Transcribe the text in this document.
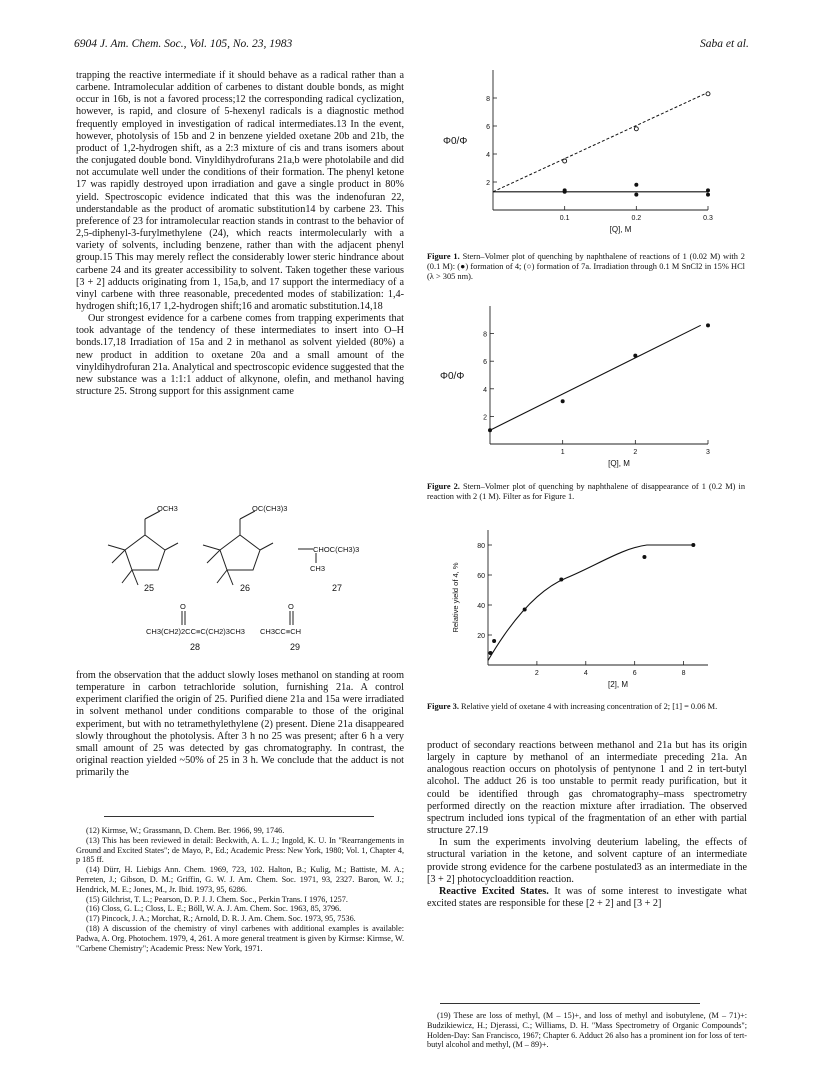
6904 J. Am. Chem. Soc., Vol. 105, No. 23, 1983	Saba et al.

trapping the reactive intermediate if it should behave as a radical rather than a carbene. Intramolecular addition of carbenes to distant double bonds, as might occur in 16b, is not a favored process;12 the corresponding radical cyclization, however, is rapid, and closure of 5-hexenyl radicals is a diagnostic method frequently employed in investigation of radical intermediates.13 In the event, however, photolysis of 15b and 2 in benzene yielded oxetane 20b and 21b, the product of 1,2-hydrogen shift, as a 2:3 mixture of cis and trans isomers about the conjugated double bond. Vinyldihydrofurans 21a,b were photolabile and did not accumulate well under the conditions of their formation. The phenyl ketone 17 was rapidly destroyed upon irradiation and gave a single product in 80% yield. Spectroscopic evidence indicated that this was the indenofuran 22, understandable as the product of aromatic substitution14 by carbene 23. This preference of 23 for intramolecular reaction stands in contrast to the behavior of 2,5-diphenyl-3-furylmethylene (24), which reacts intermolecularly with a variety of solvents, including benzene, rather than with the adjacent phenyl group.15 This may merely reflect the considerably lower steric hindrance about carbene 24 and its greater accessibility to solvent. Taken together these various [3 + 2] adducts originating from 1, 15a,b, and 17 support the intermediacy of a vinyl carbene with three reasonable, precedented modes of stabilization: 1,4-hydrogen shift;16,17 1,2-hydrogen shift;16 and aromatic substitution.14,18

Our strongest evidence for a carbene comes from trapping experiments that took advantage of the tendency of these intermediates to insert into O–H bonds.17,18 Irradiation of 15a and 2 in methanol as solvent yielded (80%) a new product in addition to oxetane 20a and a small amount of the vinyldihydrofuran 21a. Analytical and spectroscopic evidence suggested that the new substance was a 1:1:1 adduct of alkynone, olefin, and methanol having structure 25. Strong support for this assignment came

OCH3	OC(CH3)3
CHOC(CH3)3
CH3
O	O
CH3(CH2)2CC≡C(CH2)3CH3 CH3CC≡CH
25	26	27
28	29

from the observation that the adduct slowly loses methanol on standing at room temperature in carbon tetrachloride solution, furnishing 21a. A control experiment clarified the origin of 25. Purified diene 21a and 15a were irradiated in solvent methanol under conditions comparable to those of the original experiment, but with no tetramethylethylene (2) present. Diene 21a disappeared slowly throughout the photolysis. After 3 h no 25 was present; after 6 h a very small amount of 25 was detected by gas chromatography. In contrast, the original reaction yielded ~50% of 25 in 3 h. We conclude that the adduct is not primarily the

(12) Kirmse, W.; Grassmann, D. Chem. Ber. 1966, 99, 1746.

(13) This has been reviewed in detail: Beckwith, A. L. J.; Ingold, K. U. In "Rearrangements in Ground and Excited States"; de Mayo, P., Ed.; Academic Press: New York, 1980; Vol. 1, Chapter 4, p 185 ff.

(14) Dürr, H. Liebigs Ann. Chem. 1969, 723, 102. Halton, B.; Kulig, M.; Battiste, M. A.; Perreten, J.; Gibson, D. M.; Griffin, G. W. J. Am. Chem. Soc. 1971, 93, 2327. Baron, W. J.; Hendrick, M. E.; Jones, M., Jr. Ibid. 1973, 95, 6286.

(15) Gilchrist, T. L.; Pearson, D. P. J. J. Chem. Soc., Perkin Trans. I 1976, 1257.

(16) Closs, G. L.; Closs, L. E.; Böll, W. A. J. Am. Chem. Soc. 1963, 85, 3796.

(17) Pincock, J. A.; Morchat, R.; Arnold, D. R. J. Am. Chem. Soc. 1973, 95, 7536.

(18) A discussion of the chemistry of vinyl carbenes with additional examples is available: Padwa, A. Org. Photochem. 1979, 4, 261. A more general treatment is given by Kirmse: Kirmse, W. "Carbene Chemistry"; Academic Press: New York, 1971.

2
4
6
8
0.1	0.2	0.3
[Q], M
Φ0/Φ
Figure 1. Stern–Volmer plot of quenching by naphthalene of reactions of 1 (0.02 M) with 2 (0.1 M): (●) formation of 4; (○) formation of 7a. Irradiation through 0.1 M SnCl2 in 15% HCl (λ > 305 nm).
2
4
6
8
1	2	3
[Q], M
Φ0/Φ
Figure 2. Stern–Volmer plot of quenching by naphthalene of disappearance of 1 (0.2 M) in reaction with 2 (1 M). Filter as for Figure 1.
20
40
60
80
2	4	6	8
[2], M
Relative yield of 4, %
Figure 3. Relative yield of oxetane 4 with increasing concentration of 2; [1] = 0.06 M.

product of secondary reactions between methanol and 21a but has its origin largely in capture by methanol of an intermediate preceding 21a. An analogous reaction occurs on photolysis of pentynone 1 and 2 in tert-butyl alcohol. The adduct 26 is too unstable to permit ready purification, but it could be identified through gas chromatography–mass spectrometry performed directly on the reaction mixture after irradiation. The observed spectrum included ions typical of the fragmentation of an ether with partial structure 27.19

In sum the experiments involving deuterium labeling, the effects of structural variation in the ketone, and solvent capture of an intermediate provide strong evidence for the carbene postulated3 as an intermediate in the [3 + 2] photocycloaddition reaction.

Reactive Excited States. It was of some interest to investigate what excited states are responsible for these [2 + 2] and [3 + 2]

(19) These are loss of methyl, (M – 15)+, and loss of methyl and isobutylene, (M – 71)+: Budzikiewicz, H.; Djerassi, C.; Williams, D. H. "Mass Spectrometry of Organic Compounds"; Holden-Day: San Francisco, 1967; Chapter 6. Adduct 26 also has a prominent ion for loss of tert-butyl alcohol and methyl, (M – 89)+.
